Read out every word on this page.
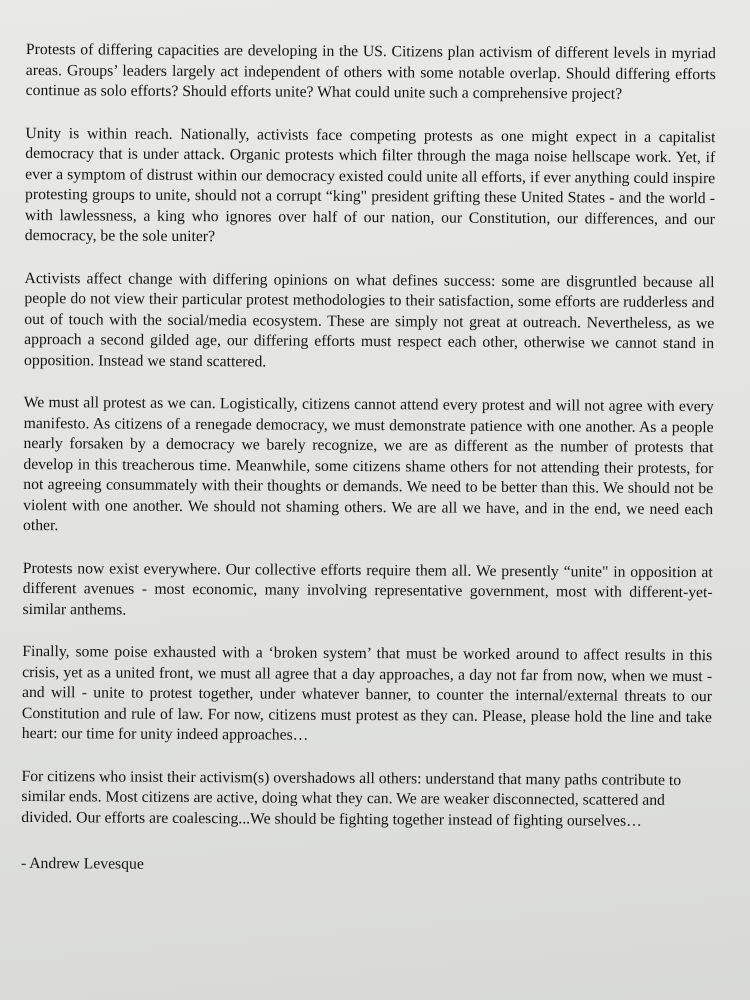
Protests of differing capacities are developing in the US. Citizens plan activism of different levels in myriad areas. Groups’ leaders largely act independent of others with some notable overlap. Should differing efforts continue as solo efforts? Should efforts unite? What could unite such a comprehensive project?

Unity is within reach. Nationally, activists face competing protests as one might expect in a capitalist democracy that is under attack. Organic protests which filter through the maga noise hellscape work. Yet, if ever a symptom of distrust within our democracy existed could unite all efforts, if ever anything could inspire protesting groups to unite, should not a corrupt “king" president grifting these United States - and the world - with lawlessness, a king who ignores over half of our nation, our Constitution, our differences, and our democracy, be the sole uniter?

Activists affect change with differing opinions on what defines success: some are disgruntled because all people do not view their particular protest methodologies to their satisfaction, some efforts are rudderless and out of touch with the social/media ecosystem. These are simply not great at outreach. Nevertheless, as we approach a second gilded age, our differing efforts must respect each other, otherwise we cannot stand in opposition. Instead we stand scattered.

We must all protest as we can. Logistically, citizens cannot attend every protest and will not agree with every manifesto. As citizens of a renegade democracy, we must demonstrate patience with one another. As a people nearly forsaken by a democracy we barely recognize, we are as different as the number of protests that develop in this treacherous time. Meanwhile, some citizens shame others for not attending their protests, for not agreeing consummately with their thoughts or demands. We need to be better than this. We should not be violent with one another. We should not shaming others. We are all we have, and in the end, we need each other.

Protests now exist everywhere. Our collective efforts require them all. We presently “unite" in opposition at different avenues - most economic, many involving representative government, most with different-yet-similar anthems.

Finally, some poise exhausted with a ‘broken system’ that must be worked around to affect results in this crisis, yet as a united front, we must all agree that a day approaches, a day not far from now, when we must - and will - unite to protest together, under whatever banner, to counter the internal/external threats to our Constitution and rule of law. For now, citizens must protest as they can. Please, please hold the line and take heart: our time for unity indeed approaches…

For citizens who insist their activism(s) overshadows all others: understand that many paths contribute to similar ends. Most citizens are active, doing what they can. We are weaker disconnected, scattered and divided. Our efforts are coalescing...We should be fighting together instead of fighting ourselves…

- Andrew Levesque
